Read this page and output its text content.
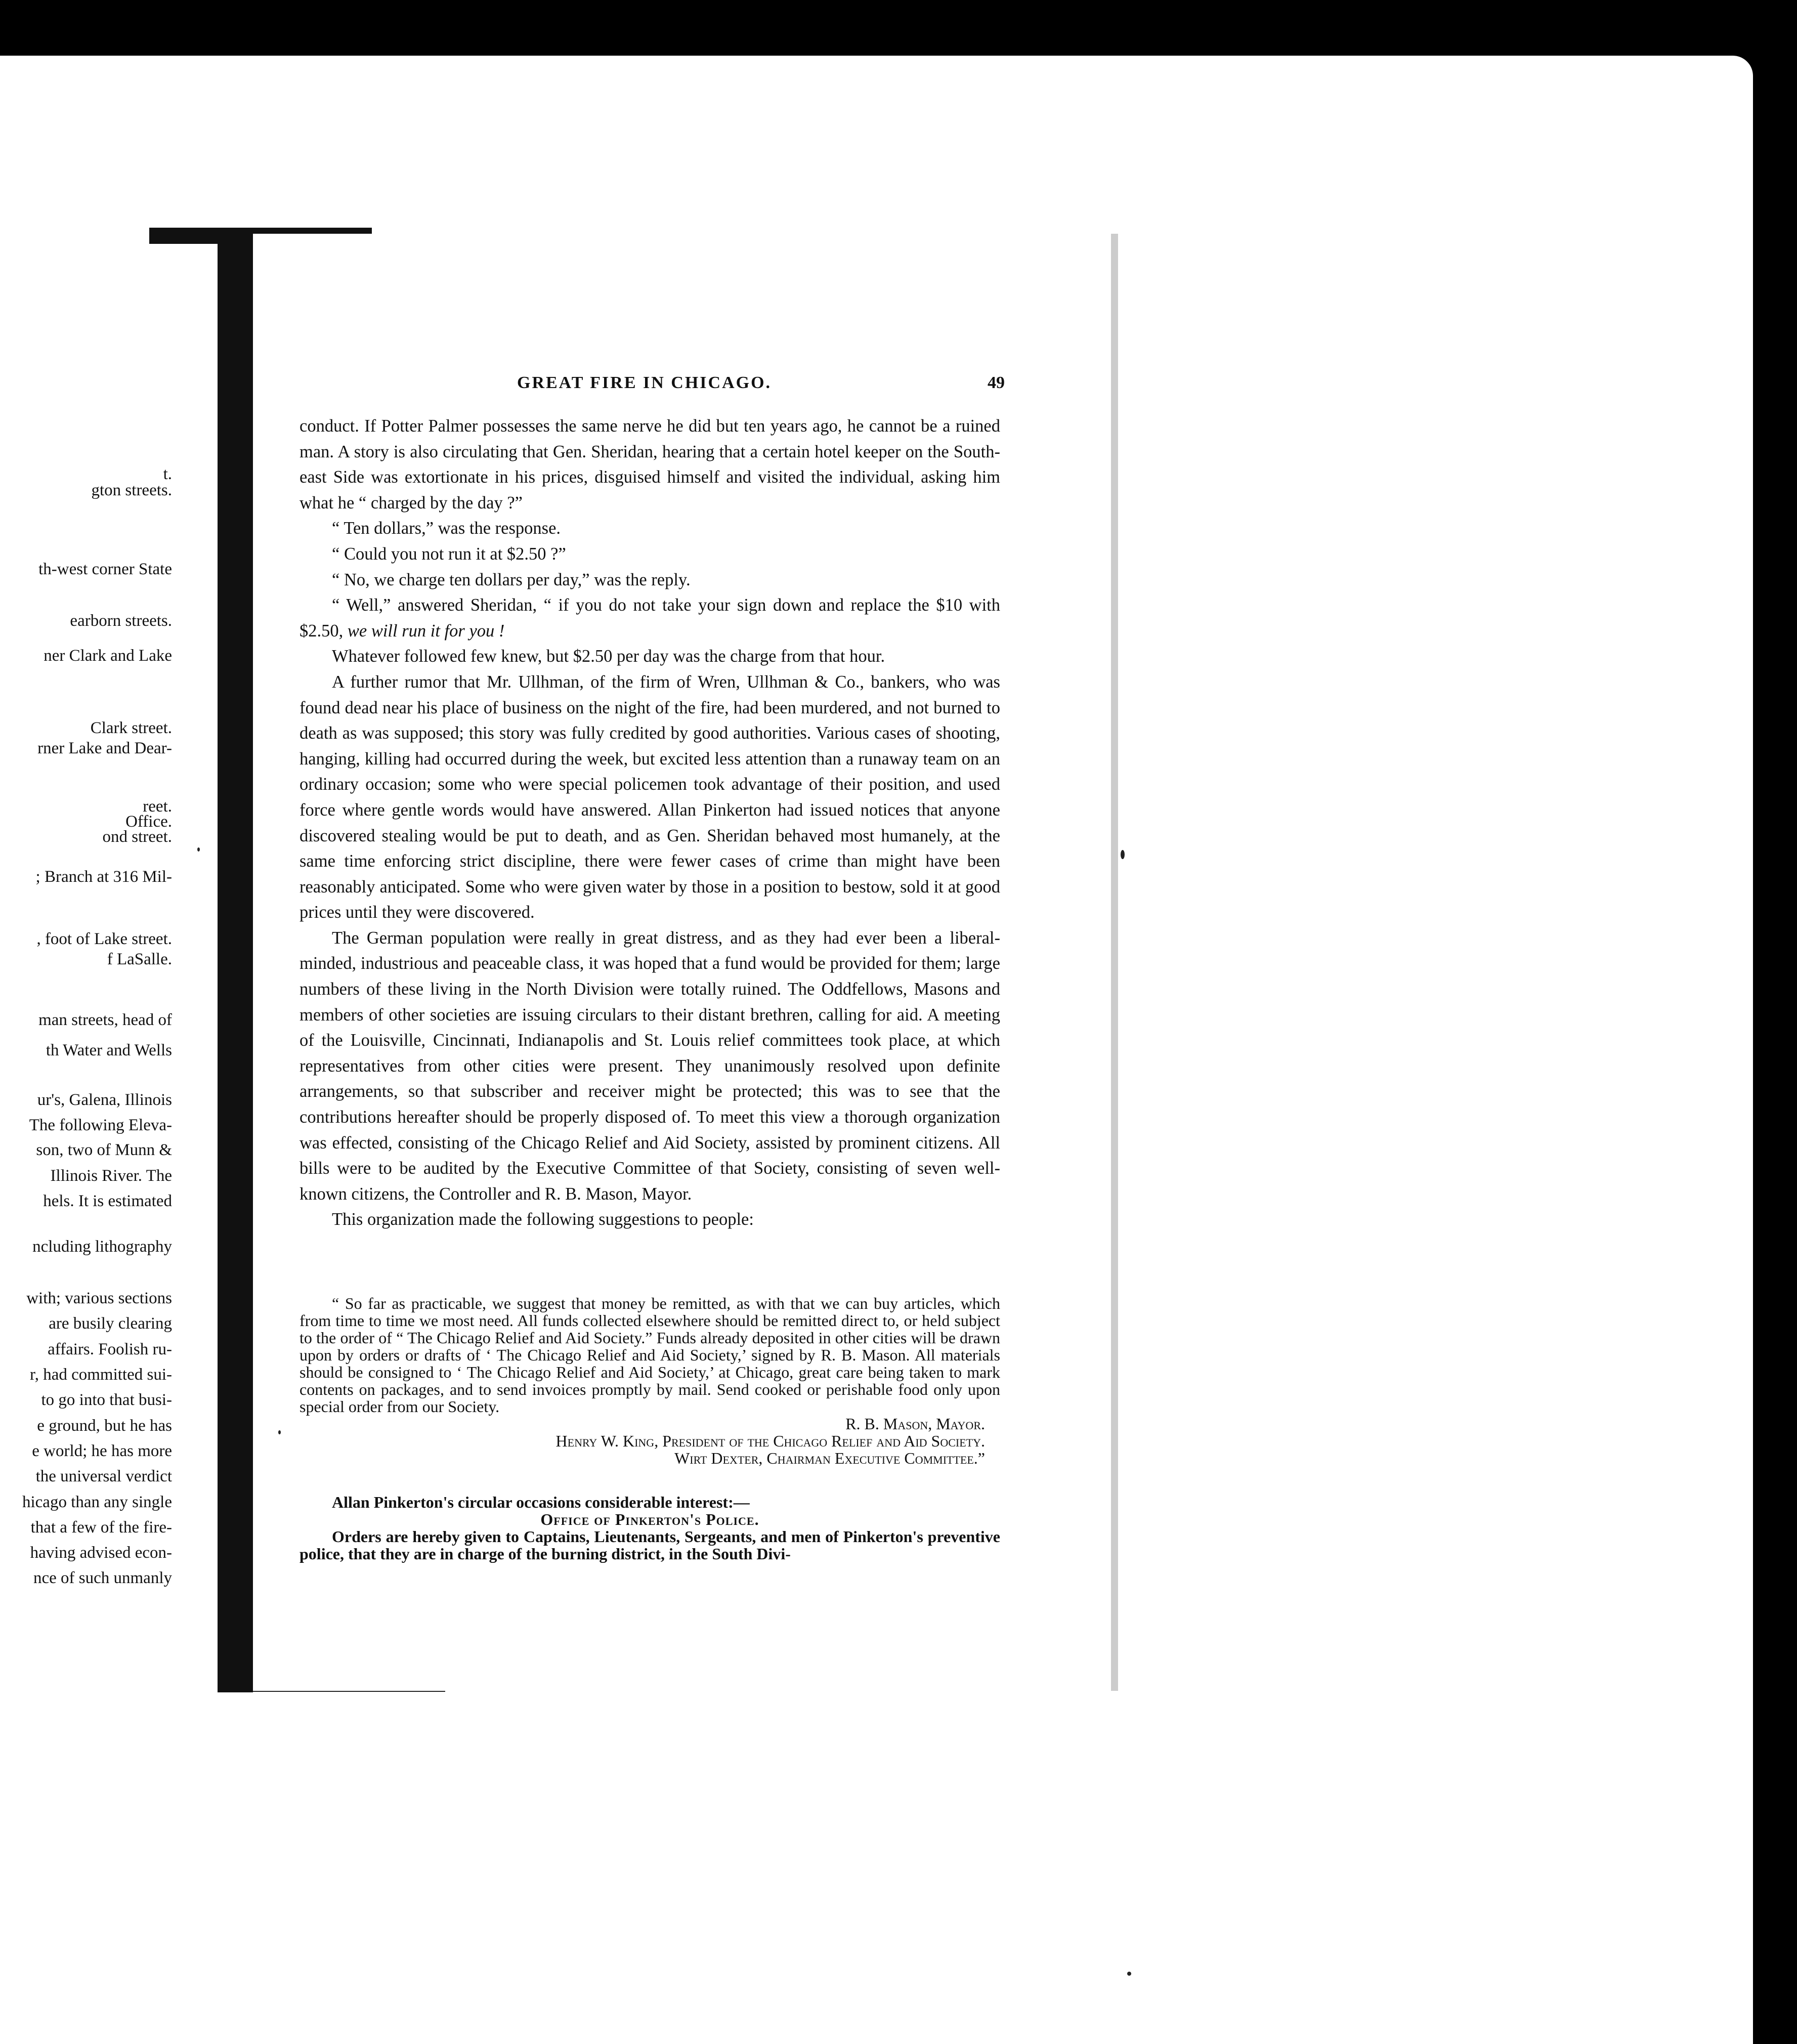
t.
gton streets.
th-west corner State
earborn streets.
ner Clark and Lake
Clark street.
rner Lake and Dear-
reet.
Office.
ond street.
; Branch at 316 Mil-
, foot of Lake street.
f LaSalle.
man streets, head of
th Water and Wells
ur's, Galena, Illinois
The following Eleva-
son, two of Munn &
Illinois River. The
hels. It is estimated
ncluding lithography
with; various sections
are busily clearing
affairs. Foolish ru-
r, had committed sui-
to go into that busi-
e ground, but he has
e world; he has more
the universal verdict
hicago than any single
that a few of the fire-
having advised econ-
nce of such unmanly
GREAT FIRE IN CHICAGO.	49

conduct. If Potter Palmer possesses the same nerve he did but ten years ago, he cannot be a ruined man. A story is also circulating that Gen. Sheridan, hearing that a certain hotel keeper on the South-east Side was extortionate in his prices, disguised himself and visited the individual, asking him what he “ charged by the day ?”

“ Ten dollars,” was the response.

“ Could you not run it at $2.50 ?”

“ No, we charge ten dollars per day,” was the reply.

“ Well,” answered Sheridan, “ if you do not take your sign down and replace the $10 with $2.50, we will run it for you !

Whatever followed few knew, but $2.50 per day was the charge from that hour.

A further rumor that Mr. Ullhman, of the firm of Wren, Ullhman & Co., bankers, who was found dead near his place of business on the night of the fire, had been murdered, and not burned to death as was supposed; this story was fully credited by good authorities. Various cases of shooting, hanging, killing had occurred during the week, but excited less attention than a runaway team on an ordinary occasion; some who were special policemen took advantage of their position, and used force where gentle words would have answered. Allan Pinkerton had issued notices that anyone discovered stealing would be put to death, and as Gen. Sheridan behaved most humanely, at the same time enforcing strict discipline, there were fewer cases of crime than might have been reasonably anticipated. Some who were given water by those in a position to bestow, sold it at good prices until they were discovered.

The German population were really in great distress, and as they had ever been a liberal-minded, industrious and peaceable class, it was hoped that a fund would be provided for them; large numbers of these living in the North Division were totally ruined. The Oddfellows, Masons and members of other societies are issuing circulars to their distant brethren, calling for aid. A meeting of the Louisville, Cincinnati, Indianapolis and St. Louis relief committees took place, at which representatives from other cities were present. They unanimously resolved upon definite arrangements, so that subscriber and receiver might be protected; this was to see that the contributions hereafter should be properly disposed of. To meet this view a thorough organization was effected, consisting of the Chicago Relief and Aid Society, assisted by prominent citizens. All bills were to be audited by the Executive Committee of that Society, consisting of seven well-known citizens, the Controller and R. B. Mason, Mayor.

This organization made the following suggestions to people:

“ So far as practicable, we suggest that money be remitted, as with that we can buy articles, which from time to time we most need. All funds collected elsewhere should be remitted direct to, or held subject to the order of “ The Chicago Relief and Aid Society.” Funds already deposited in other cities will be drawn upon by orders or drafts of ‘ The Chicago Relief and Aid Society,’ signed by R. B. Mason. All materials should be consigned to ‘ The Chicago Relief and Aid Society,’ at Chicago, great care being taken to mark contents on packages, and to send invoices promptly by mail. Send cooked or perishable food only upon special order from our Society.

R. B. Mason, Mayor.

Henry W. King, President of the Chicago Relief and Aid Society.

Wirt Dexter, Chairman Executive Committee.”

Allan Pinkerton's circular occasions considerable interest:—

Office of Pinkerton's Police.

Orders are hereby given to Captains, Lieutenants, Sergeants, and men of Pinkerton's preventive police, that they are in charge of the burning district, in the South Divi-
